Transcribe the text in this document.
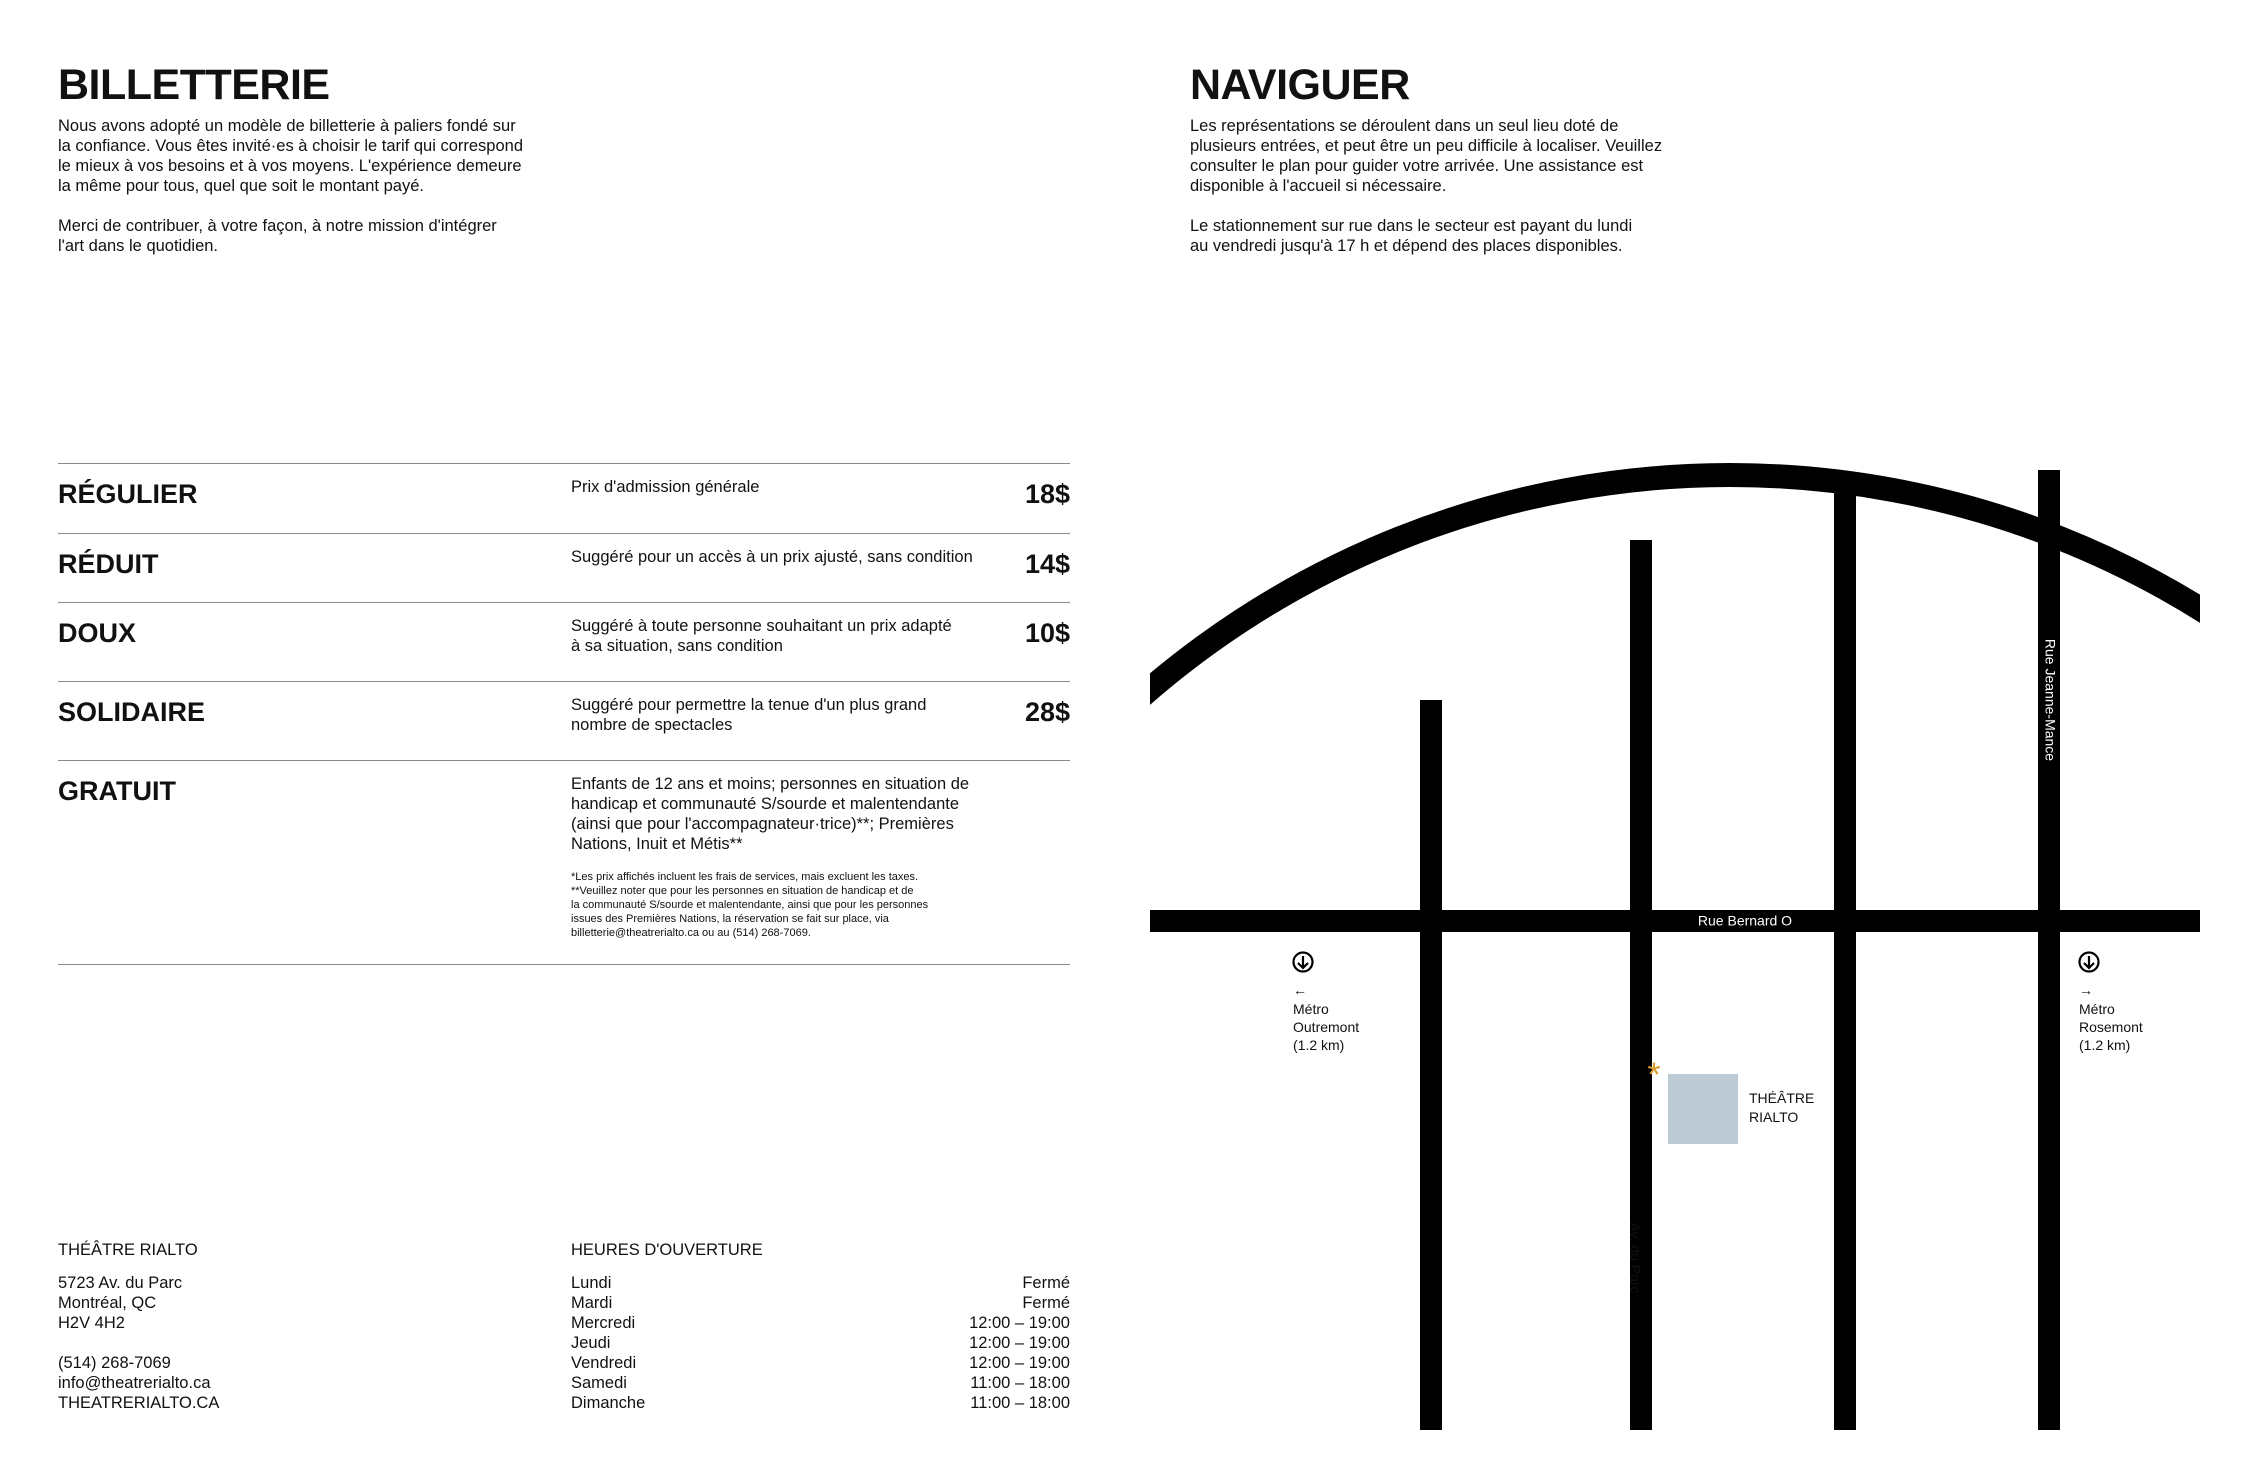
BILLETTERIE

Nous avons adopté un modèle de billetterie à paliers fondé sur
la confiance. Vous êtes invité·es à choisir le tarif qui correspond
le mieux à vos besoins et à vos moyens. L'expérience demeure
la même pour tous, quel que soit le montant payé.

Merci de contribuer, à votre façon, à notre mission d'intégrer
l'art dans le quotidien.

NAVIGUER

Les représentations se déroulent dans un seul lieu doté de
plusieurs entrées, et peut être un peu difficile à localiser. Veuillez
consulter le plan pour guider votre arrivée. Une assistance est
disponible à l'accueil si nécessaire.

Le stationnement sur rue dans le secteur est payant du lundi
au vendredi jusqu'à 17 h et dépend des places disponibles.

RÉGULIER	Prix d'admission générale	18$
RÉDUIT	Suggéré pour un accès à un prix ajusté, sans condition	14$
DOUX	Suggéré à toute personne souhaitant un prix adapté
à sa situation, sans condition	10$
SOLIDAIRE	Suggéré pour permettre la tenue d'un plus grand
nombre de spectacles	28$
GRATUIT	Enfants de 12 ans et moins; personnes en situation de
handicap et communauté S/sourde et malentendante
(ainsi que pour l'accompagnateur·trice)**; Premières
Nations, Inuit et Métis**
*Les prix affichés incluent les frais de services, mais excluent les taxes.
**Veuillez noter que pour les personnes en situation de handicap et de
la communauté S/sourde et malentendante, ainsi que pour les personnes
issues des Premières Nations, la réservation se fait sur place, via
billetterie@theatrerialto.ca ou au (514) 268-7069.
THÉÂTRE RIALTO
5723 Av. du Parc
Montréal, QC
H2V 4H2
(514) 268-7069
info@theatrerialto.ca
THEATRERIALTO.CA
HEURES D'OUVERTURE
Lundi	Fermé
Mardi	Fermé
Mercredi	12:00 – 19:00
Jeudi	12:00 – 19:00
Vendredi	12:00 – 19:00
Samedi	11:00 – 18:00
Dimanche	11:00 – 18:00
*
Rue Bernard O
Rue Jeanne-Mance
Av. du Parc
THÉÂTRE
RIALTO
←
Métro
Outremont
(1.2 km)
→
Métro
Rosemont
(1.2 km)
